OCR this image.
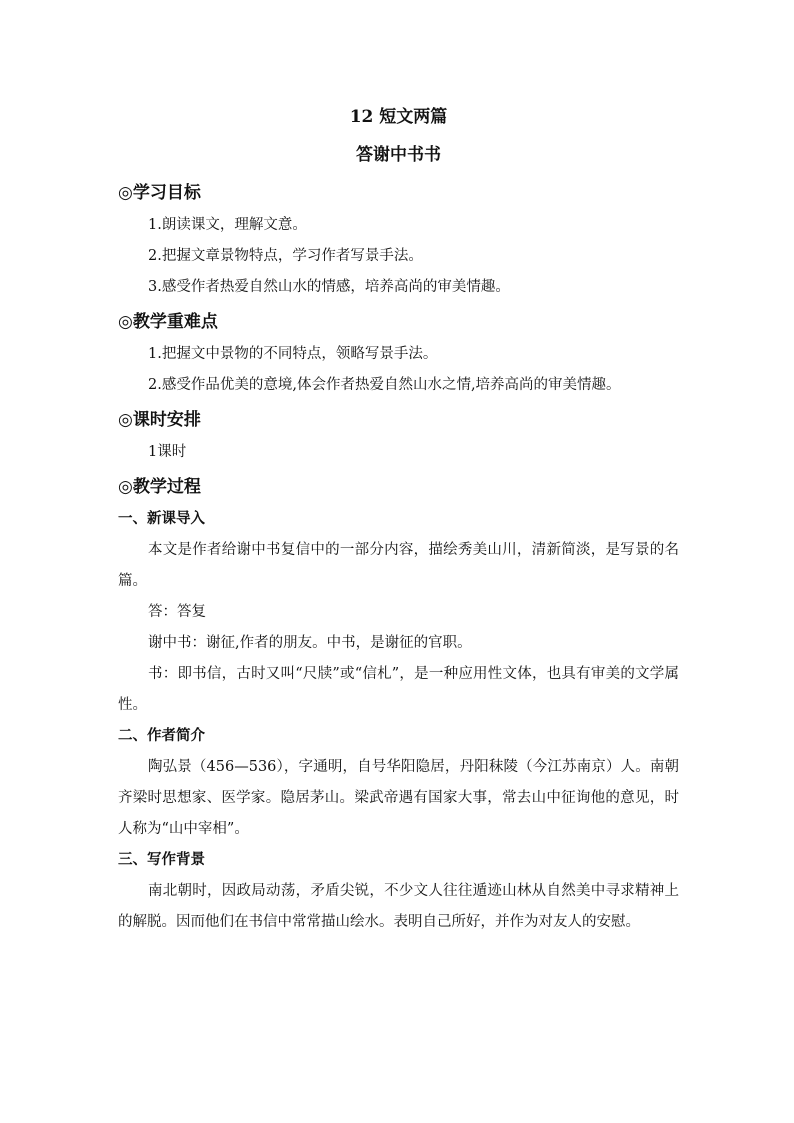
12 短文两篇
答谢中书书
◎学习目标
1.朗读课文，理解文意。
2.把握文章景物特点，学习作者写景手法。
3.感受作者热爱自然山水的情感，培养高尚的审美情趣。
◎教学重难点
1.把握文中景物的不同特点，领略写景手法。
2.感受作品优美的意境,体会作者热爱自然山水之情,培养高尚的审美情趣。
◎课时安排
1课时
◎教学过程
一、新课导入

本文是作者给谢中书复信中的一部分内容，描绘秀美山川，清新简淡，是写景的名篇。

答：答复

谢中书：谢征,作者的朋友。中书，是谢征的官职。

书：即书信，古时又叫“尺牍”或“信札”，是一种应用性文体，也具有审美的文学属性。

二、作者简介

陶弘景（456—536），字通明，自号华阳隐居，丹阳秣陵（今江苏南京）人。南朝齐梁时思想家、医学家。隐居茅山。梁武帝遇有国家大事，常去山中征询他的意见，时人称为“山中宰相”。

三、写作背景

南北朝时，因政局动荡，矛盾尖锐，不少文人往往遁迹山林从自然美中寻求精神上的解脱。因而他们在书信中常常描山绘水。表明自己所好，并作为对友人的安慰。
